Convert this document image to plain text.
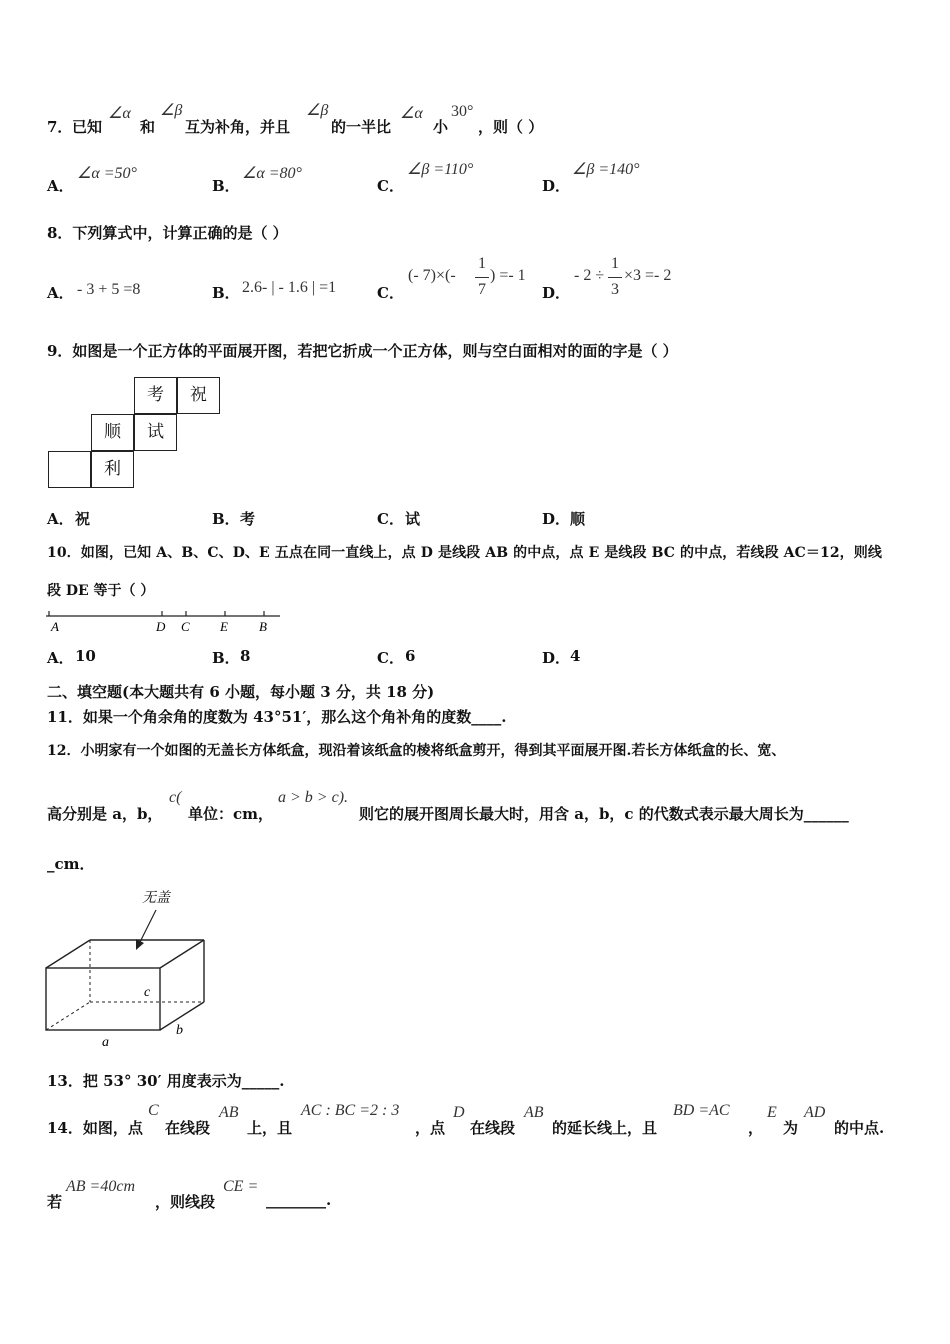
7． 已知
∠α
和
∠β
互为补角，并且
∠β
的一半比
∠α
小
30°
，则（ ）
A．
∠α =50°
B．
∠α =80°
C．
∠β =110°
D．
∠β =140°
8．下列算式中，计算正确的是（ ）
A． - 3 + 5 =8	B． 2.6- | - 1.6 | =1	C．
(- 7)×(-
1
7
) =- 1
D．
- 2 ÷
1
3
×3 =- 2
9．如图是一个正方体的平面展开图，若把它折成一个正方体，则与空白面相对的面的字是（ ）
考	祝
顺	试
利
A． 祝	B． 考	C． 试	D． 顺
10．如图，已知 A、B、C、D、E 五点在同一直线上，点 D 是线段 AB 的中点，点 E 是线段 BC 的中点，若线段 AC＝12，则线
段 DE 等于（ ）
A	D C E B
A． 10	B． 8	C． 6	D． 4
二、填空题(本大题共有 6 小题，每小题 3 分，共 18 分)
11．如果一个角余角的度数为 43°51′，那么这个角补角的度数____.
12．小明家有一个如图的无盖长方体纸盒，现沿着该纸盒的棱将纸盒剪开，得到其平面展开图.若长方体纸盒的长、宽、
高分别是 a，b，
c(
单位：cm，
a > b > c).
则它的展开图周长最大时，用含 a，b，c 的代数式表示最大周长为______
_cm．
无盖
c
a
b
13．把 53° 30′ 用度表示为_____.
14．如图，点
C
在线段
AB
上，且
AC : BC =2 : 3
，点
D
在线段
AB
的延长线上，且
BD =AC
，
E
为
AD
的中点.
若
AB =40cm
，则线段
CE =
________.
